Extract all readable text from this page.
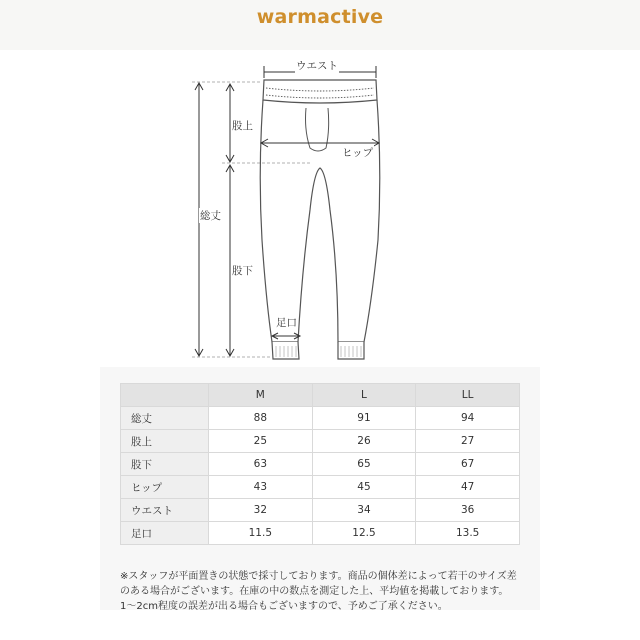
warmactive
ウエスト
股上
ヒップ
総丈
股下
足口
	M	L	LL
総丈	88	91	94
股上	25	26	27
股下	63	65	67
ヒップ	43	45	47
ウエスト	32	34	36
足口	11.5	12.5	13.5
※スタッフが平面置きの状態で採寸しております。商品の個体差によって若干のサイズ差
のある場合がございます。在庫の中の数点を測定した上、平均値を掲載しております。
1〜2cm程度の誤差が出る場合もございますので、予めご了承ください。
